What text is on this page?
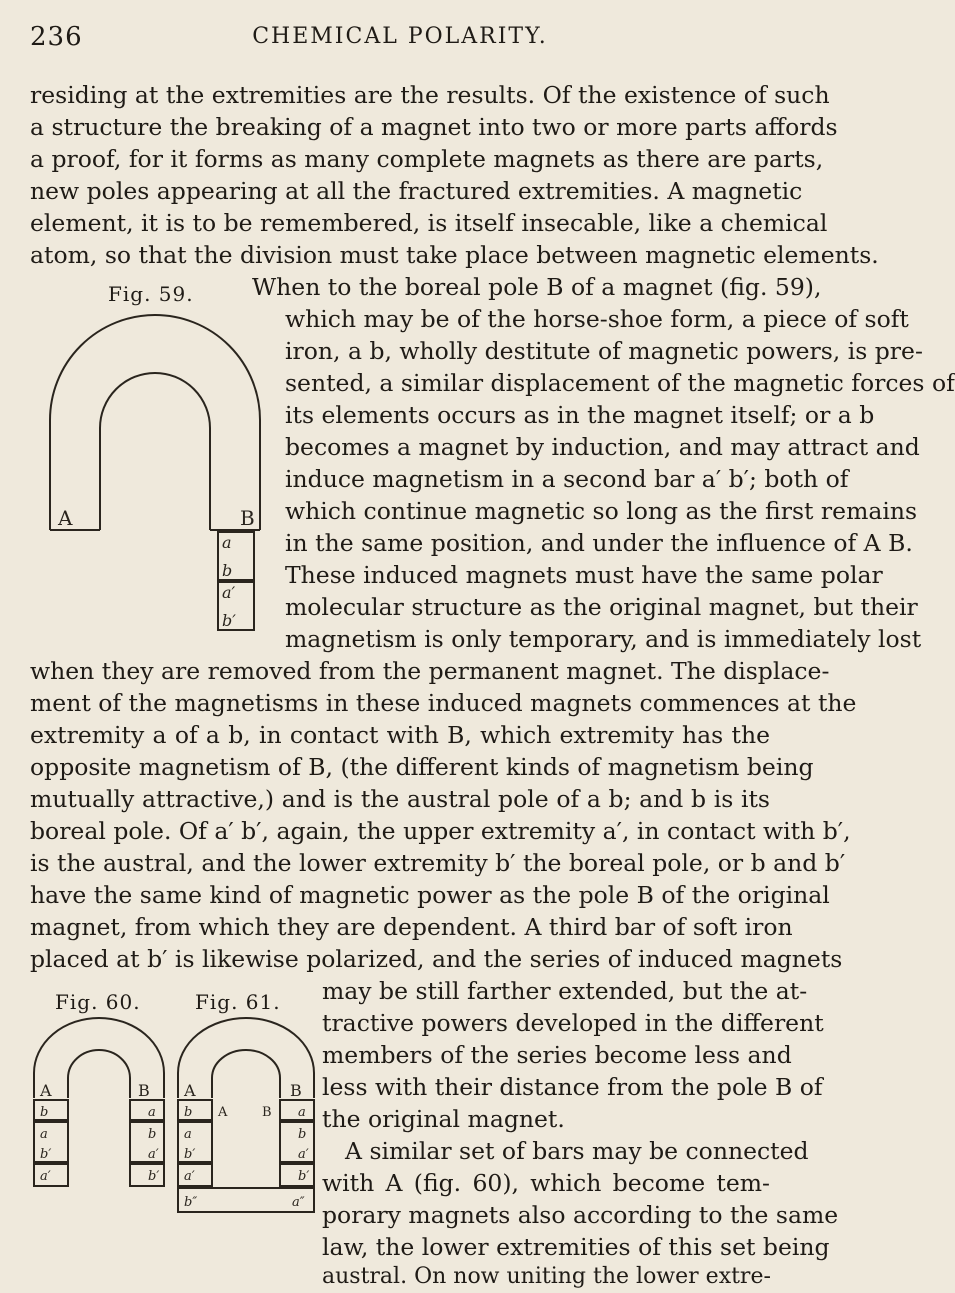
236	CHEMICAL POLARITY.
residing at the extremities are the results. Of the existence of such
a structure the breaking of a magnet into two or more parts affords
a proof, for it forms as many complete magnets as there are parts,
new poles appearing at all the fractured extremities. A magnetic
element, it is to be remembered, is itself insecable, like a chemical
atom, so that the division must take place between magnetic elements.
When to the boreal pole B of a magnet (fig. 59),
which may be of the horse-shoe form, a piece of soft
iron, a b, wholly destitute of magnetic powers, is pre-
sented, a similar displacement of the magnetic forces of
its elements occurs as in the magnet itself; or a b
becomes a magnet by induction, and may attract and
induce magnetism in a second bar a′ b′; both of
which continue magnetic so long as the first remains
in the same position, and under the influence of A B.
These induced magnets must have the same polar
molecular structure as the original magnet, but their
magnetism is only temporary, and is immediately lost
when they are removed from the permanent magnet. The displace-
ment of the magnetisms in these induced magnets commences at the
extremity a of a b, in contact with B, which extremity has the
opposite magnetism of B, (the different kinds of magnetism being
mutually attractive,) and is the austral pole of a b; and b is its
boreal pole. Of a′ b′, again, the upper extremity a′, in contact with b′,
is the austral, and the lower extremity b′ the boreal pole, or b and b′
have the same kind of magnetic power as the pole B of the original
magnet, from which they are dependent. A third bar of soft iron
placed at b′ is likewise polarized, and the series of induced magnets
may be still farther extended, but the at-
tractive powers developed in the different
members of the series become less and
less with their distance from the pole B of
the original magnet.
A similar set of bars may be connected
with A (fig. 60), which become tem-
porary magnets also according to the same
law, the lower extremities of this set being
austral. On now uniting the lower extre-
Fig. 59.
A	B
a
b
a′
b′
Fig. 60.
A	B
b	a
a	b
b′	a′
a′	b′
Fig. 61.
A	B
A	B
b	a
a	b
b′	a′
a′	b′
b″	a″
